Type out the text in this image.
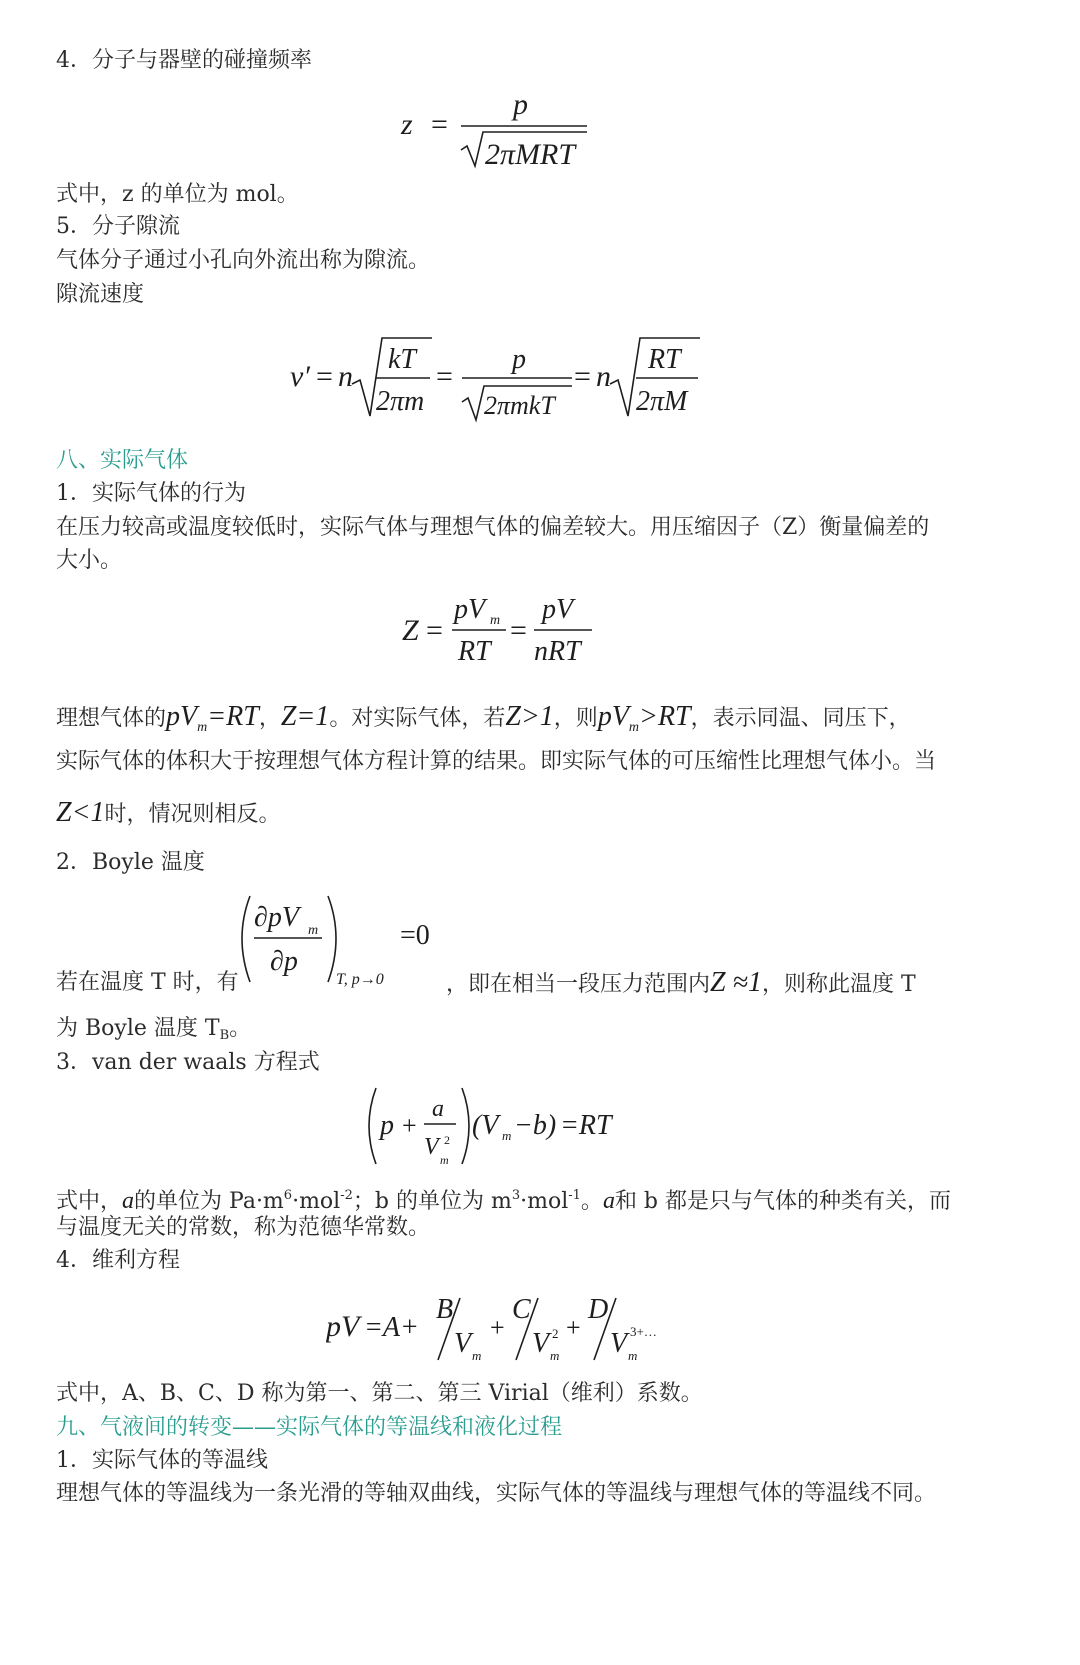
4．分子与器壁的碰撞频率
z =
p
2πMRT
式中，z 的单位为 mol。
5．分子隙流
气体分子通过小孔向外流出称为隙流。
隙流速度
v′ = n
kT
2πm
=
p
2πmkT
= n
RT
2πM
八、实际气体
1．实际气体的行为
在压力较高或温度较低时，实际气体与理想气体的偏差较大。用压缩因子（Z）衡量偏差的
大小。
Z =
pV m
RT
=
pV
nRT
理想气体的$pV_m=RT$，Z=1。对实际气体，若Z>1，则$pV_m>RT$，表示同温、同压下，
实际气体的体积大于按理想气体方程计算的结果。即实际气体的可压缩性比理想气体小。当
Z<1时，情况则相反。
2．Boyle 温度
∂pV m
∂p
T, p→0
=0
若在温度 T 时，有	，即在相当一段压力范围内Z ≈1，则称此温度 T
为 Boyle 温度 $T_B$。
3．van der waals 方程式
p +
a
V m
2 (V m −b) =RT
式中，a的单位为 $Pa\cdot m^6\cdot mol^{-2}$；b 的单位为 $m^3\cdot mol^{-1}$。a和 b 都是只与气体的种类有关，而
与温度无关的常数，称为范德华常数。
4．维利方程
pV =A+
B
V m
+
C
V m
2 +
D
V m
3+…
式中，A、B、C、D 称为第一、第二、第三 Virial（维利）系数。
九、气液间的转变——实际气体的等温线和液化过程
1．实际气体的等温线
理想气体的等温线为一条光滑的等轴双曲线，实际气体的等温线与理想气体的等温线不同。
